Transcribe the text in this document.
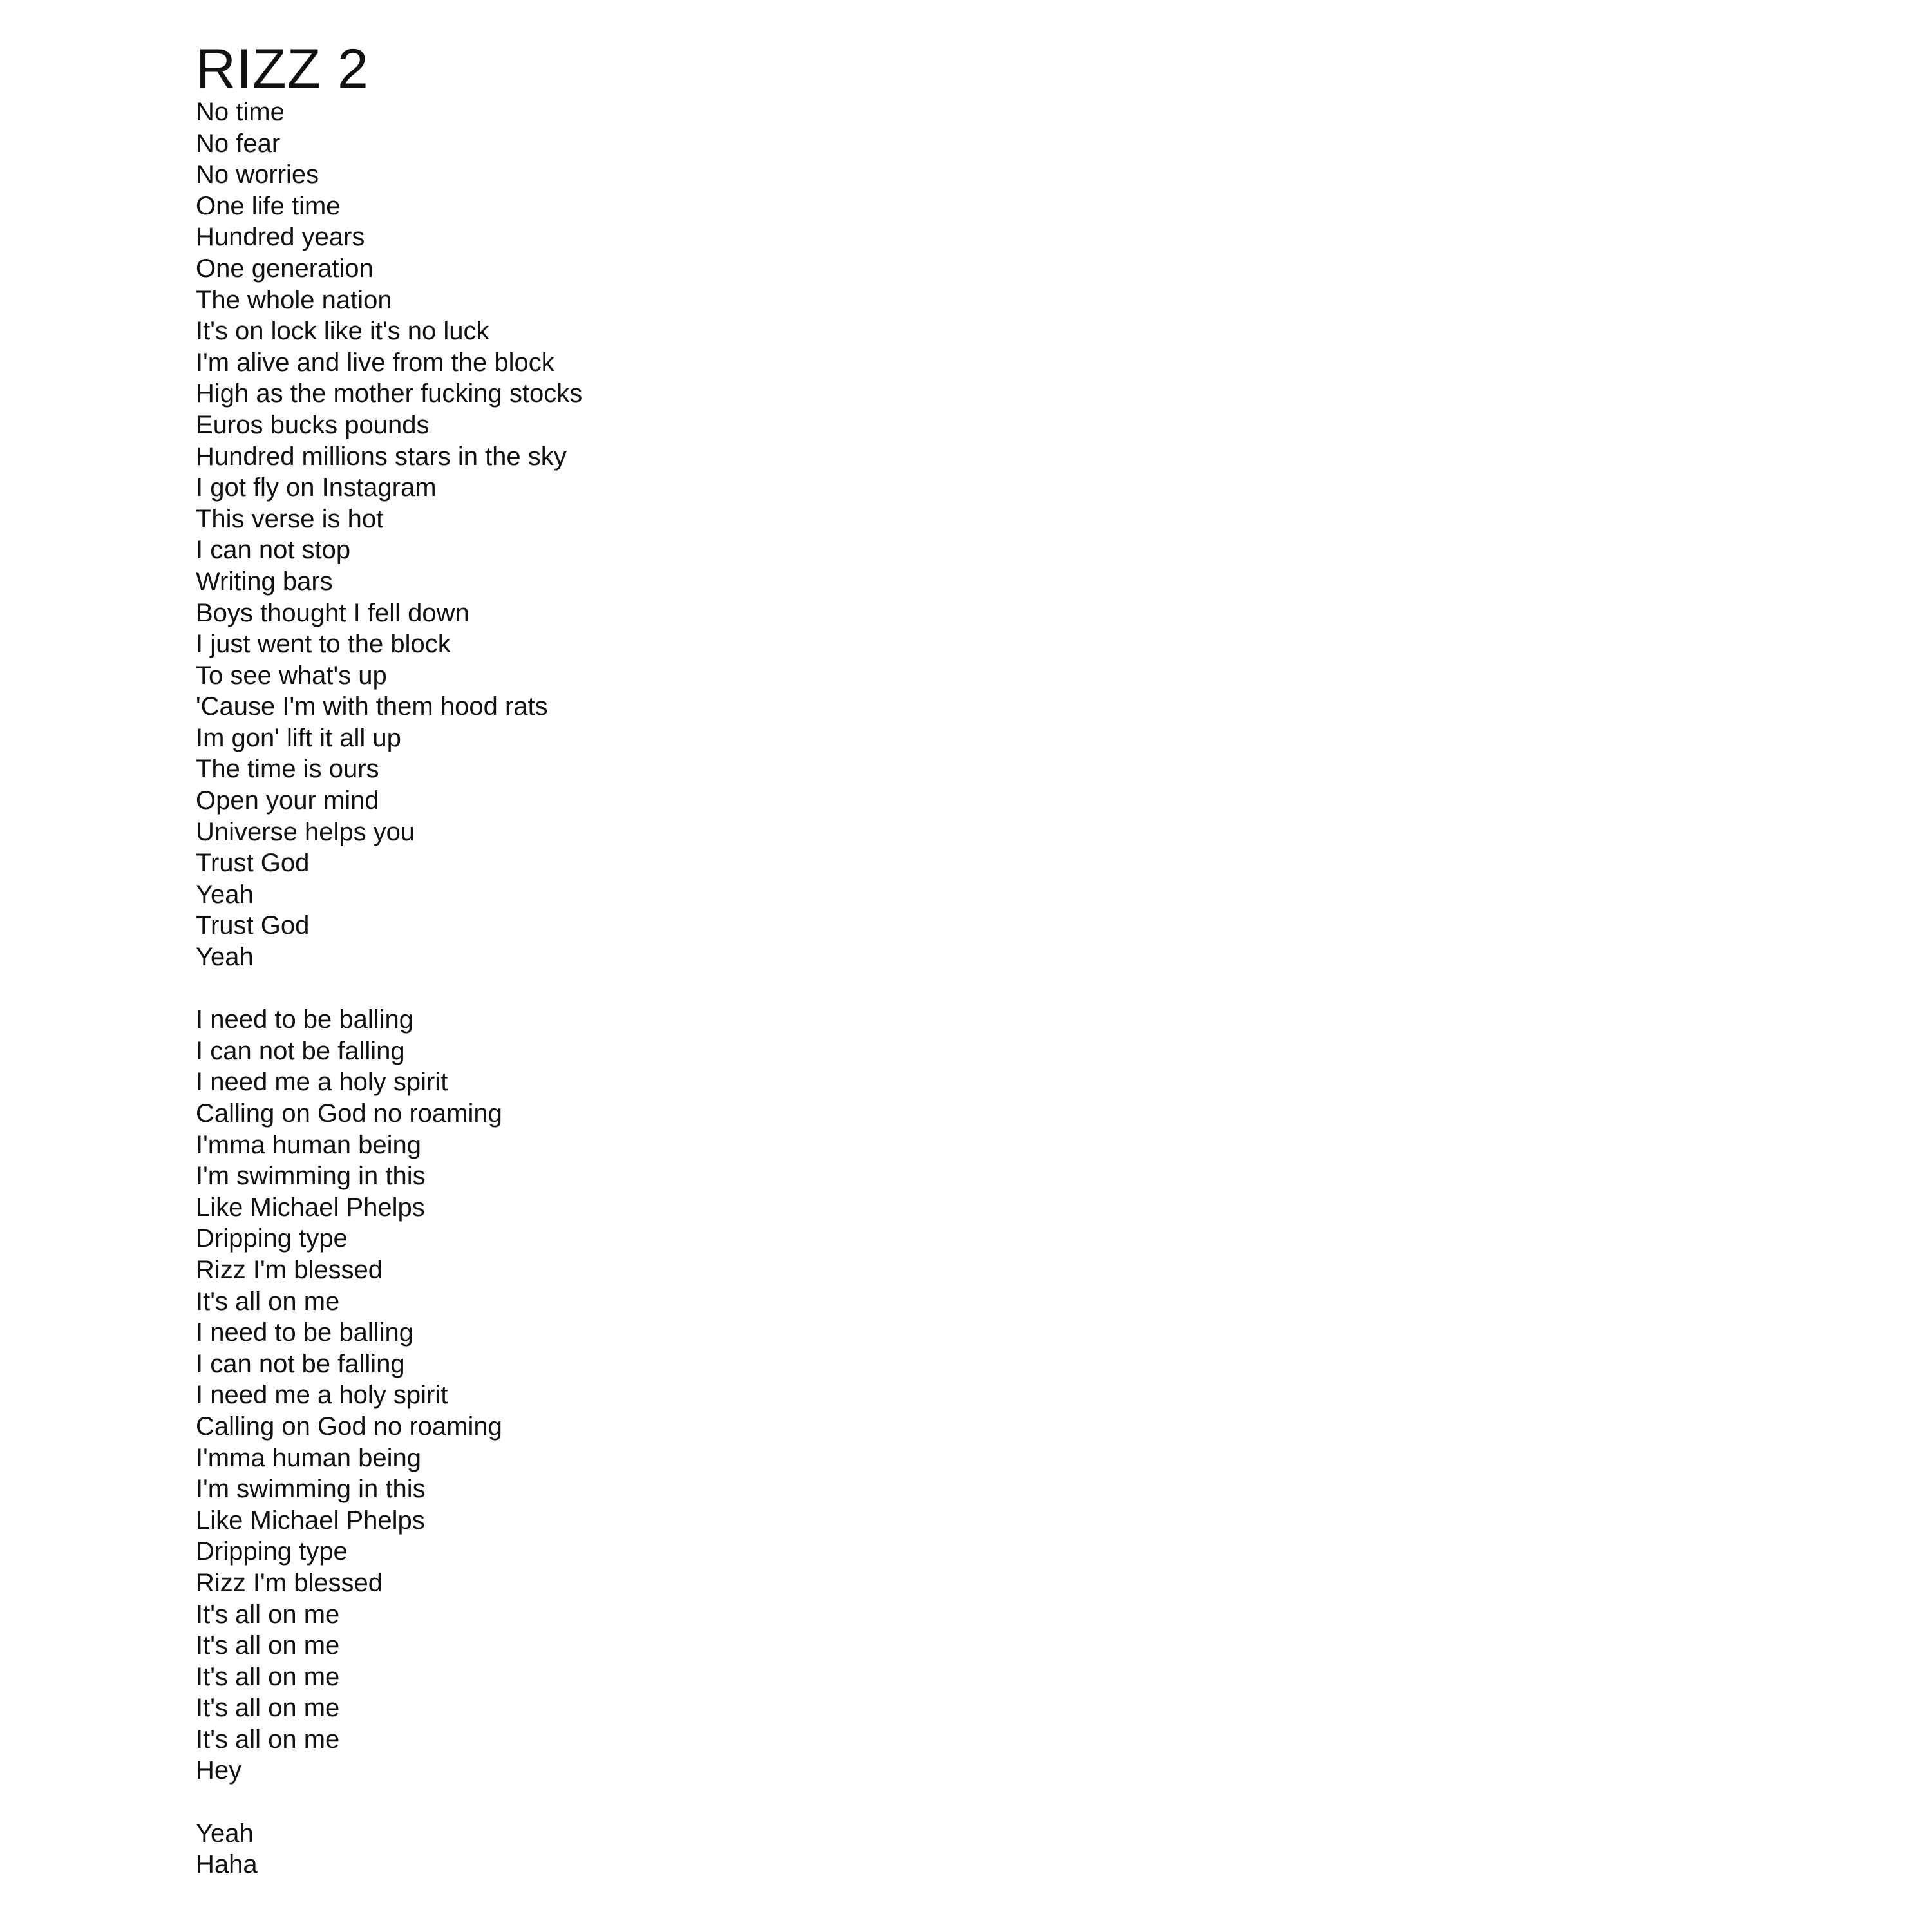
RIZZ 2
No time
No fear
No worries
One life time
Hundred years
One generation
The whole nation
It's on lock like it's no luck
I'm alive and live from the block
High as the mother fucking stocks
Euros bucks pounds
Hundred millions stars in the sky
I got fly on Instagram
This verse is hot
I can not stop
Writing bars
Boys thought I fell down
I just went to the block
To see what's up
'Cause I'm with them hood rats
Im gon' lift it all up
The time is ours
Open your mind
Universe helps you
Trust God
Yeah
Trust God
Yeah
I need to be balling
I can not be falling
I need me a holy spirit
Calling on God no roaming
I'mma human being
I'm swimming in this
Like Michael Phelps
Dripping type
Rizz I'm blessed
It's all on me
I need to be balling
I can not be falling
I need me a holy spirit
Calling on God no roaming
I'mma human being
I'm swimming in this
Like Michael Phelps
Dripping type
Rizz I'm blessed
It's all on me
It's all on me
It's all on me
It's all on me
It's all on me
Hey
Yeah
Haha
